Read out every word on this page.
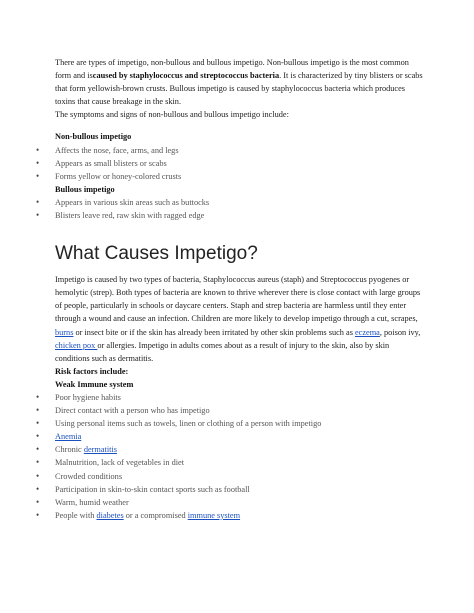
There are types of impetigo, non-bullous and bullous impetigo. Non-bullous impetigo is the most common form and iscaused by staphylococcus and streptococcus bacteria. It is characterized by tiny blisters or scabs that form yellowish-brown crusts. Bullous impetigo is caused by staphylococcus bacteria which produces toxins that cause breakage in the skin.
The symptoms and signs of non-bullous and bullous impetigo include:

Non-bullous impetigo

• Affects the nose, face, arms, and legs
• Appears as small blisters or scabs
• Forms yellow or honey-colored crusts

Bullous impetigo

• Appears in various skin areas such as buttocks
• Blisters leave red, raw skin with ragged edge
What Causes Impetigo?

Impetigo is caused by two types of bacteria, Staphylococcus aureus (staph) and Streptococcus pyogenes or hemolytic (strep). Both types of bacteria are known to thrive wherever there is close contact with large groups of people, particularly in schools or daycare centers. Staph and strep bacteria are harmless until they enter through a wound and cause an infection. Children are more likely to develop impetigo through a cut, scrapes, burns or insect bite or if the skin has already been irritated by other skin problems such as eczema, poison ivy, chicken pox or allergies. Impetigo in adults comes about as a result of injury to the skin, also by skin conditions such as dermatitis.

Risk factors include:

Weak Immune system

• Poor hygiene habits
• Direct contact with a person who has impetigo
• Using personal items such as towels, linen or clothing of a person with impetigo
• Anemia
• Chronic dermatitis
• Malnutrition, lack of vegetables in diet
• Crowded conditions
• Participation in skin-to-skin contact sports such as football
• Warm, humid weather
• People with diabetes or a compromised immune system
